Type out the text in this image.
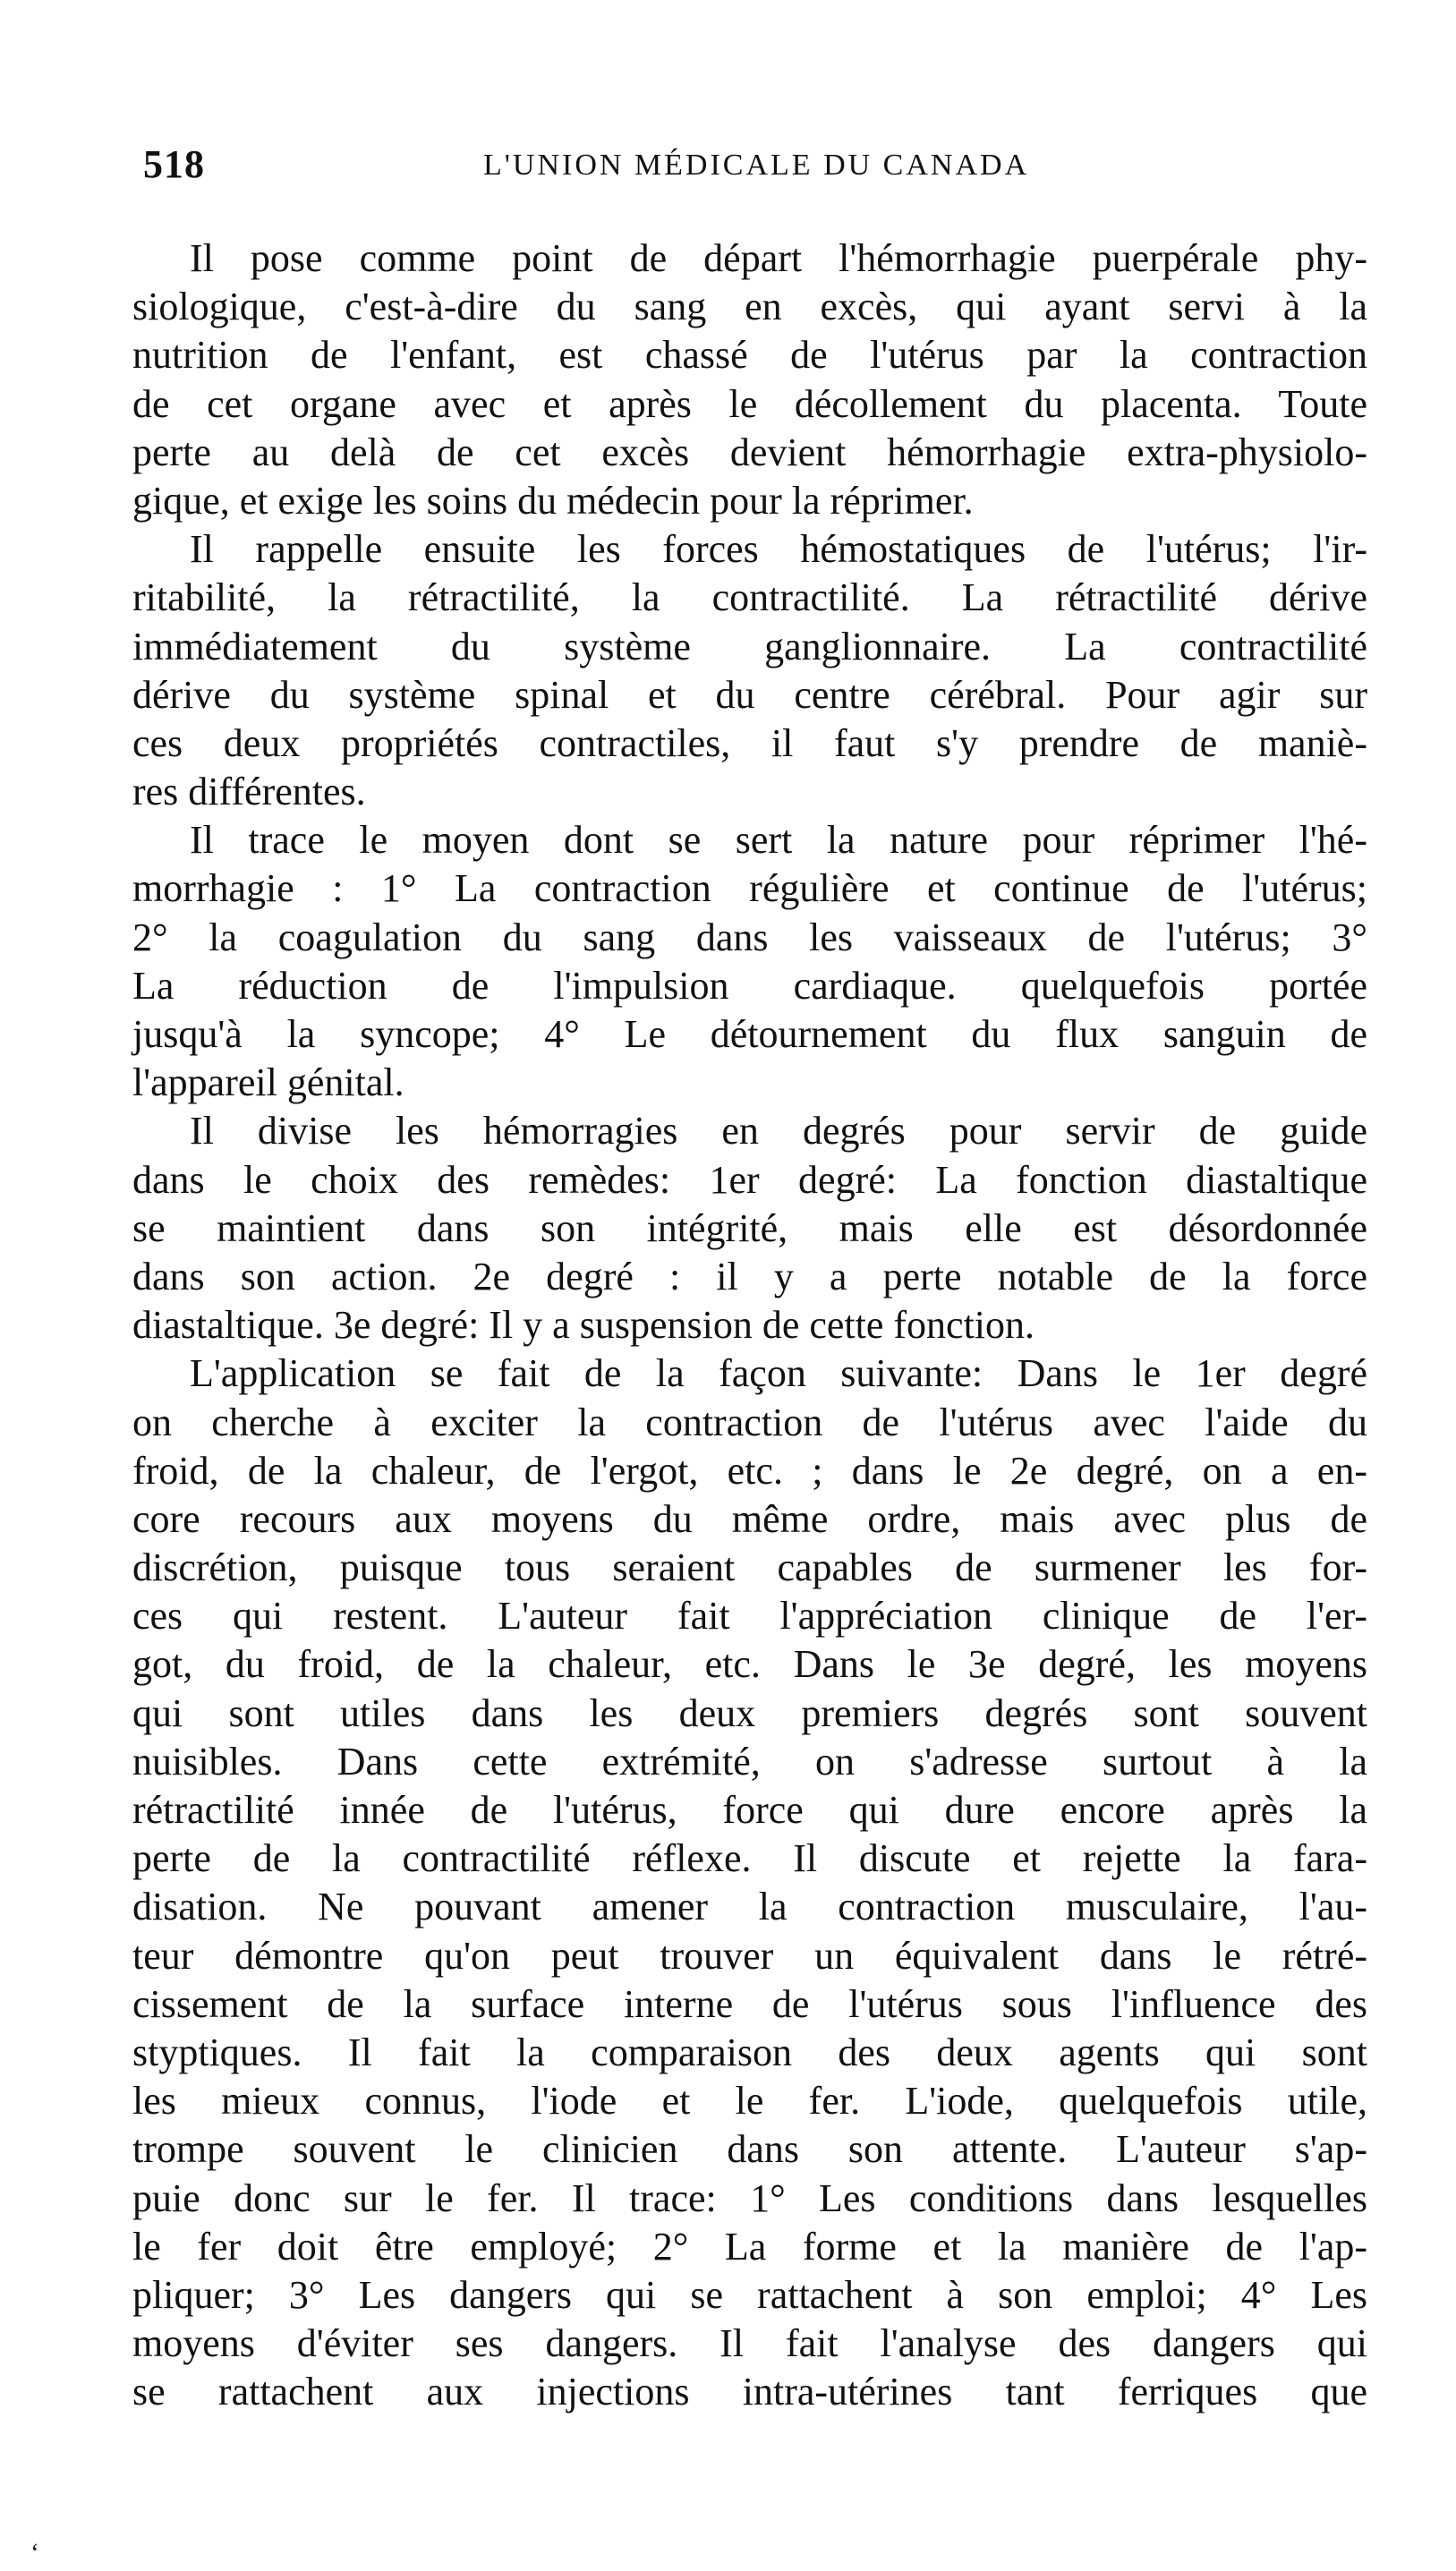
518	L'UNION MÉDICALE DU CANADA
Il pose comme point de départ l'hémorrhagie puerpérale phy-
siologique, c'est-à-dire du sang en excès, qui ayant servi à la
nutrition de l'enfant, est chassé de l'utérus par la contraction
de cet organe avec et après le décollement du placenta. Toute
perte au delà de cet excès devient hémorrhagie extra-physiolo-
gique, et exige les soins du médecin pour la réprimer.
Il rappelle ensuite les forces hémostatiques de l'utérus; l'ir-
ritabilité, la rétractilité, la contractilité. La rétractilité dérive
immédiatement du système ganglionnaire. La contractilité
dérive du système spinal et du centre cérébral. Pour agir sur
ces deux propriétés contractiles, il faut s'y prendre de maniè-
res différentes.
Il trace le moyen dont se sert la nature pour réprimer l'hé-
morrhagie : 1° La contraction régulière et continue de l'utérus;
2° la coagulation du sang dans les vaisseaux de l'utérus; 3°
La réduction de l'impulsion cardiaque. quelquefois portée
jusqu'à la syncope; 4° Le détournement du flux sanguin de
l'appareil génital.
Il divise les hémorragies en degrés pour servir de guide
dans le choix des remèdes: 1er degré: La fonction diastaltique
se maintient dans son intégrité, mais elle est désordonnée
dans son action. 2e degré : il y a perte notable de la force
diastaltique. 3e degré: Il y a suspension de cette fonction.
L'application se fait de la façon suivante: Dans le 1er degré
on cherche à exciter la contraction de l'utérus avec l'aide du
froid, de la chaleur, de l'ergot, etc. ; dans le 2e degré, on a en-
core recours aux moyens du même ordre, mais avec plus de
discrétion, puisque tous seraient capables de surmener les for-
ces qui restent. L'auteur fait l'appréciation clinique de l'er-
got, du froid, de la chaleur, etc. Dans le 3e degré, les moyens
qui sont utiles dans les deux premiers degrés sont souvent
nuisibles. Dans cette extrémité, on s'adresse surtout à la
rétractilité innée de l'utérus, force qui dure encore après la
perte de la contractilité réflexe. Il discute et rejette la fara-
disation. Ne pouvant amener la contraction musculaire, l'au-
teur démontre qu'on peut trouver un équivalent dans le rétré-
cissement de la surface interne de l'utérus sous l'influence des
styptiques. Il fait la comparaison des deux agents qui sont
les mieux connus, l'iode et le fer. L'iode, quelquefois utile,
trompe souvent le clinicien dans son attente. L'auteur s'ap-
puie donc sur le fer. Il trace: 1° Les conditions dans lesquelles
le fer doit être employé; 2° La forme et la manière de l'ap-
pliquer; 3° Les dangers qui se rattachent à son emploi; 4° Les
moyens d'éviter ses dangers. Il fait l'analyse des dangers qui
se rattachent aux injections intra-utérines tant ferriques que
‘
